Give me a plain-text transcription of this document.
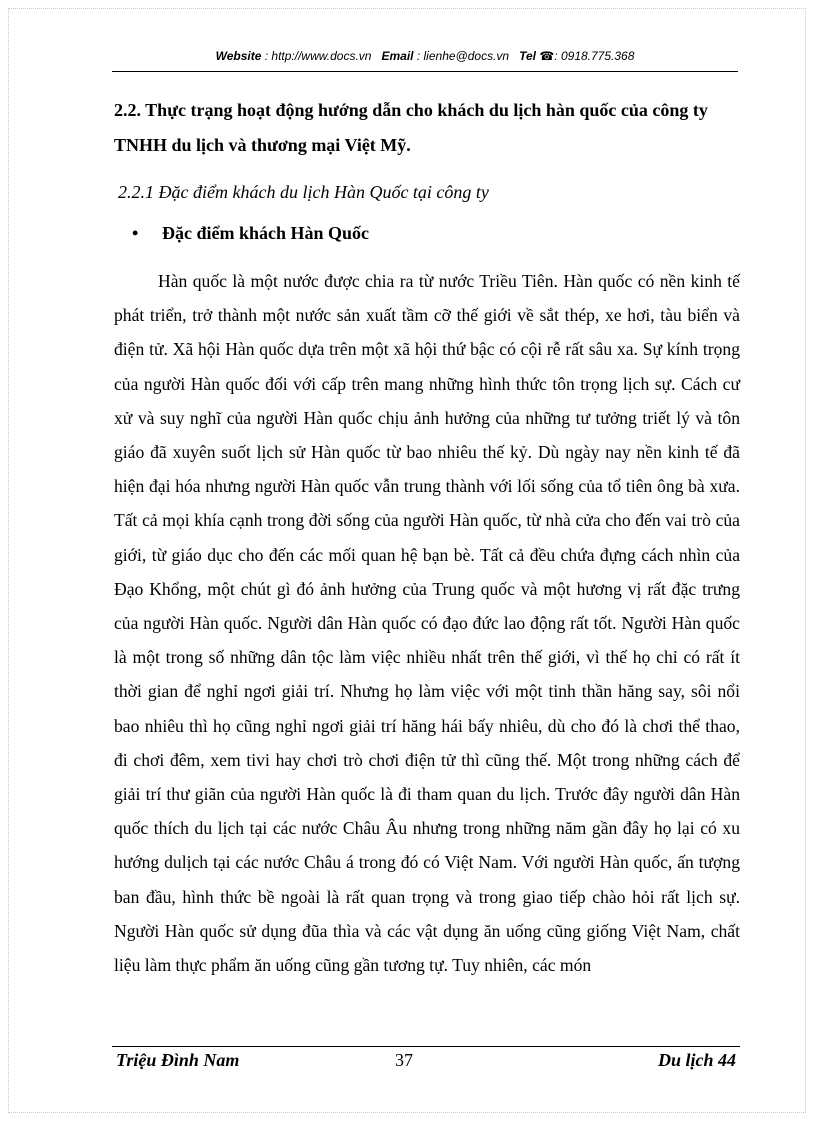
Website : http://www.docs.vn Email : lienhe@docs.vn Tel ☎: 0918.775.368
2.2. Thực trạng hoạt động hướng dẫn cho khách du lịch hàn quốc của công ty TNHH du lịch và thương mại Việt Mỹ.
2.2.1 Đặc điểm khách du lịch Hàn Quốc tại công ty
• Đặc điểm khách Hàn Quốc

Hàn quốc là một nước được chia ra từ nước Triều Tiên. Hàn quốc có nền kinh tế phát triển, trở thành một nước sản xuất tầm cỡ thế giới về sắt thép, xe hơi, tàu biển và điện tử. Xã hội Hàn quốc dựa trên một xã hội thứ bậc có cội rễ rất sâu xa. Sự kính trọng của người Hàn quốc đối với cấp trên mang những hình thức tôn trọng lịch sự. Cách cư xử và suy nghĩ của người Hàn quốc chịu ảnh hưởng của những tư tưởng triết lý và tôn giáo đã xuyên suốt lịch sử Hàn quốc từ bao nhiêu thế kỷ. Dù ngày nay nền kinh tế đã hiện đại hóa nhưng người Hàn quốc vẫn trung thành với lối sống của tổ tiên ông bà xưa. Tất cả mọi khía cạnh trong đời sống của người Hàn quốc, từ nhà cửa cho đến vai trò của giới, từ giáo dục cho đến các mối quan hệ bạn bè. Tất cả đều chứa đựng cách nhìn của Đạo Khổng, một chút gì đó ảnh hưởng của Trung quốc và một hương vị rất đặc trưng của người Hàn quốc. Người dân Hàn quốc có đạo đức lao động rất tốt. Người Hàn quốc là một trong số những dân tộc làm việc nhiều nhất trên thế giới, vì thế họ chỉ có rất ít thời gian để nghỉ ngơi giải trí. Nhưng họ làm việc với một tinh thần hăng say, sôi nổi bao nhiêu thì họ cũng nghỉ ngơi giải trí hăng hái bấy nhiêu, dù cho đó là chơi thể thao, đi chơi đêm, xem tivi hay chơi trò chơi điện tử thì cũng thế. Một trong những cách để giải trí thư giãn của người Hàn quốc là đi tham quan du lịch. Trước đây người dân Hàn quốc thích du lịch tại các nước Châu Âu nhưng trong những năm gần đây họ lại có xu hướng dulịch tại các nước Châu á trong đó có Việt Nam. Với người Hàn quốc, ấn tượng ban đầu, hình thức bề ngoài là rất quan trọng và trong giao tiếp chào hỏi rất lịch sự. Người Hàn quốc sử dụng đũa thìa và các vật dụng ăn uống cũng giống Việt Nam, chất liệu làm thực phẩm ăn uống cũng gần tương tự. Tuy nhiên, các món

Triệu Đình Nam	37	Du lịch 44
